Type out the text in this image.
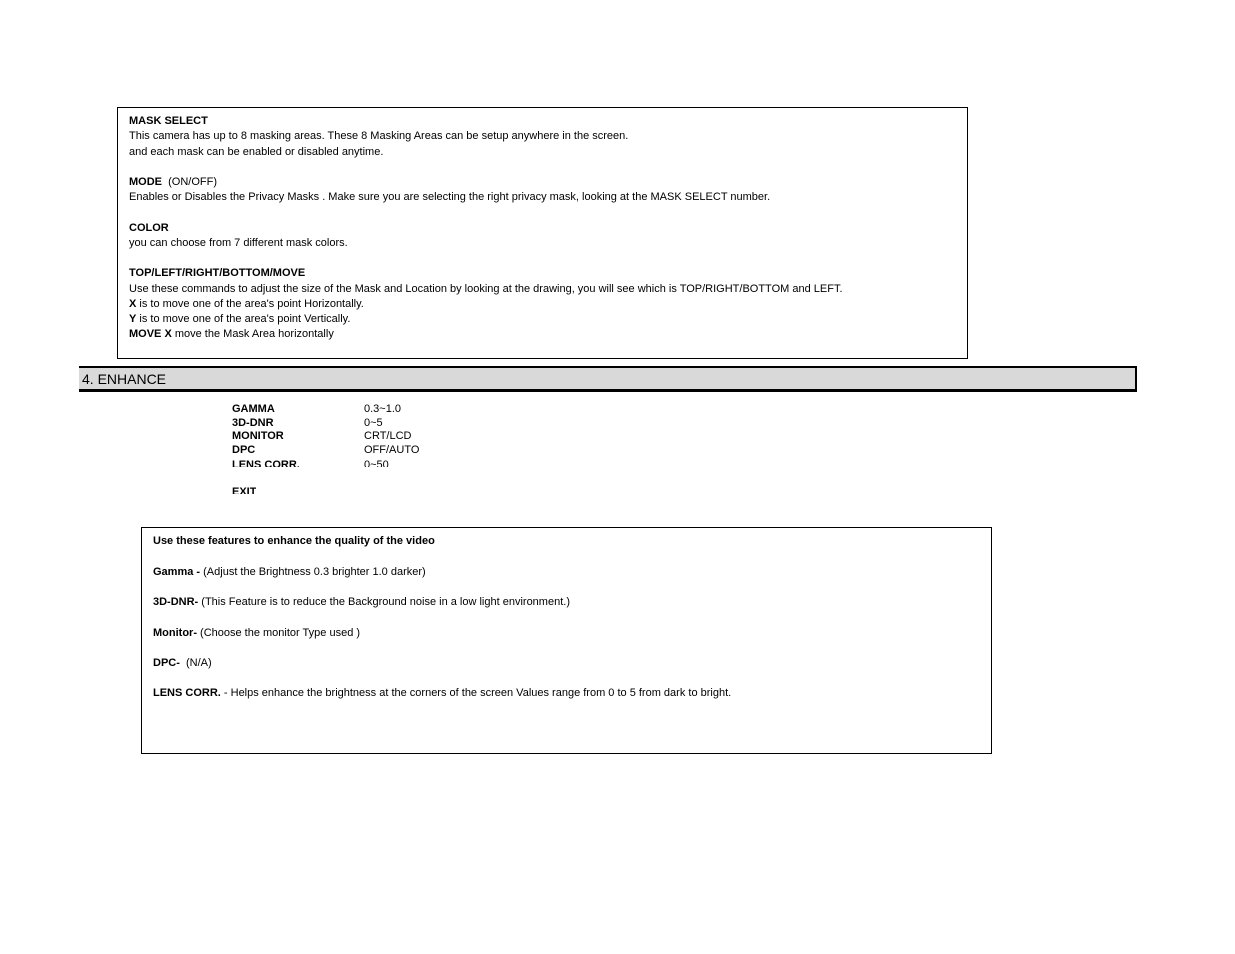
MASK SELECT
This camera has up to 8 masking areas. These 8 Masking Areas can be setup anywhere in the screen.
and each mask can be enabled or disabled anytime.
MODE (ON/OFF)
Enables or Disables the Privacy Masks . Make sure you are selecting the right privacy mask, looking at the MASK SELECT number.
COLOR
you can choose from 7 different mask colors.
TOP/LEFT/RIGHT/BOTTOM/MOVE
Use these commands to adjust the size of the Mask and Location by looking at the drawing, you will see which is TOP/RIGHT/BOTTOM and LEFT.
X is to move one of the area's point Horizontally.
Y is to move one of the area's point Vertically.
MOVE X move the Mask Area horizontally
4. ENHANCE
GAMMA	0.3~1.0
3D-DNR	0~5
MONITOR	CRT/LCD
DPC	OFF/AUTO
LENS CORR.	0~50
EXIT
Use these features to enhance the quality of the video
Gamma - (Adjust the Brightness 0.3 brighter 1.0 darker)
3D-DNR- (This Feature is to reduce the Background noise in a low light environment.)
Monitor- (Choose the monitor Type used )
DPC-  (N/A)
LENS CORR. - Helps enhance the brightness at the corners of the screen Values range from 0 to 5 from dark to bright.
